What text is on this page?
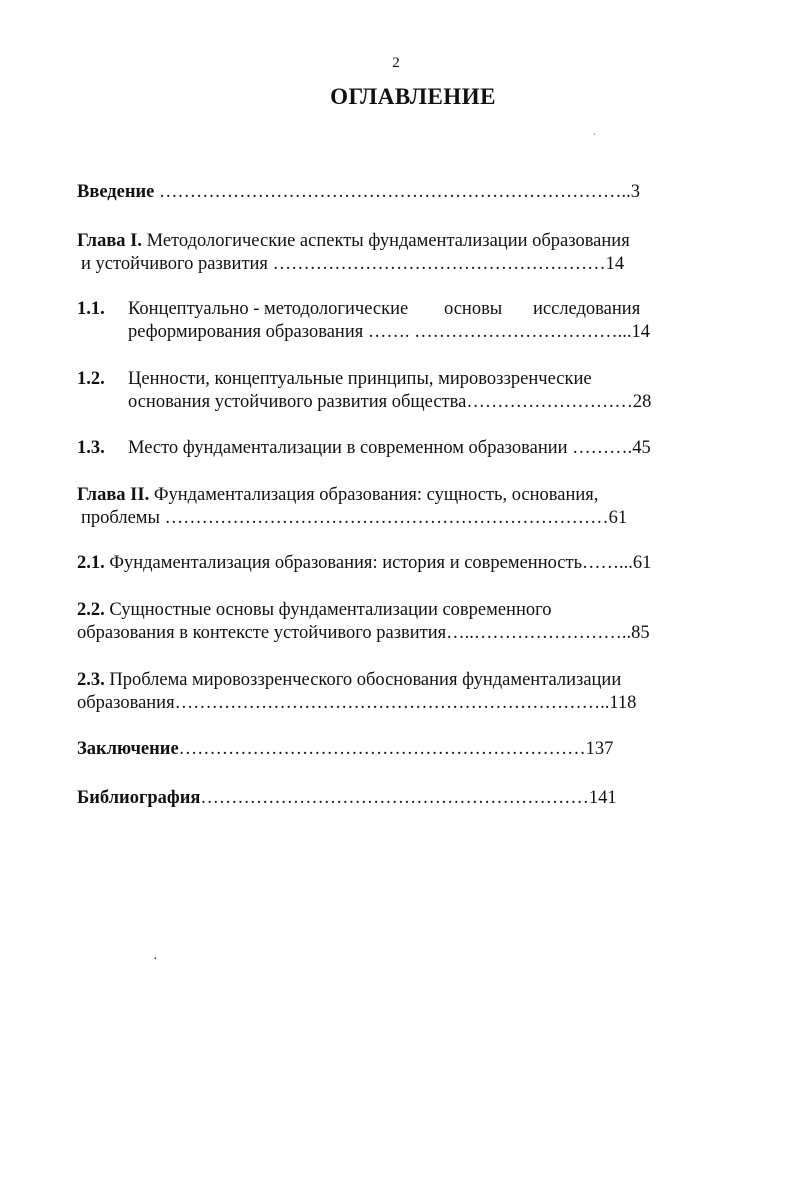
2
ОГЛАВЛЕНИЕ
·
Введение …………………………………………………………………..3
Глава I. Методологические аспекты фундаментализации образования
и устойчивого развития ………………………………………………14
1.1. Концептуально - методологические основы исследования
реформирования образования ……. ……………………………...14
1.2. Ценности, концептуальные принципы, мировоззренческие
основания устойчивого развития общества………………………28
1.3. Место фундаментализации в современном образовании ……….45
Глава II. Фундаментализация образования: сущность, основания,
проблемы ………………………………………………………………61
2.1. Фундаментализация образования: история и современность……...61
2.2. Сущностные основы фундаментализации современного
образования в контексте устойчивого развития…..……………………..85
2.3. Проблема мировоззренческого обоснования фундаментализации
образования……………………………………………………………..118
Заключение…………………………………………………………137
Библиография………………………………………………………141
·
